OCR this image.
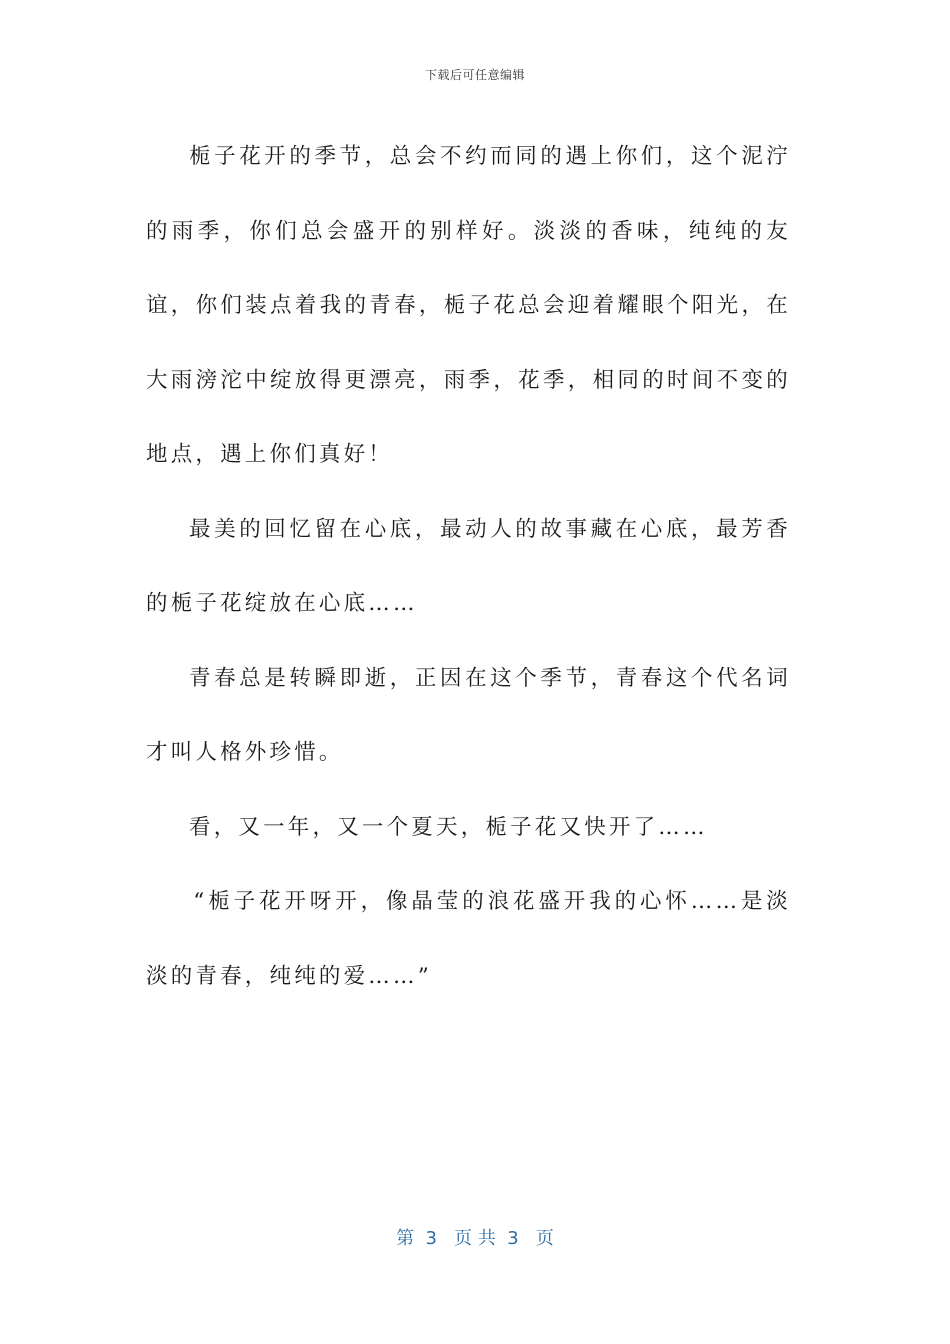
下载后可任意编辑

栀子花开的季节，总会不约而同的遇上你们，这个泥泞的雨季，你们总会盛开的别样好。淡淡的香味，纯纯的友谊，你们装点着我的青春，栀子花总会迎着耀眼个阳光，在大雨滂沱中绽放得更漂亮，雨季，花季，相同的时间不变的地点，遇上你们真好！

最美的回忆留在心底，最动人的故事藏在心底，最芳香的栀子花绽放在心底……

青春总是转瞬即逝，正因在这个季节，青春这个代名词才叫人格外珍惜。

看，又一年，又一个夏天，栀子花又快开了……

“栀子花开呀开，像晶莹的浪花盛开我的心怀……是淡淡的青春，纯纯的爱……”

第  3   页 共  3   页
